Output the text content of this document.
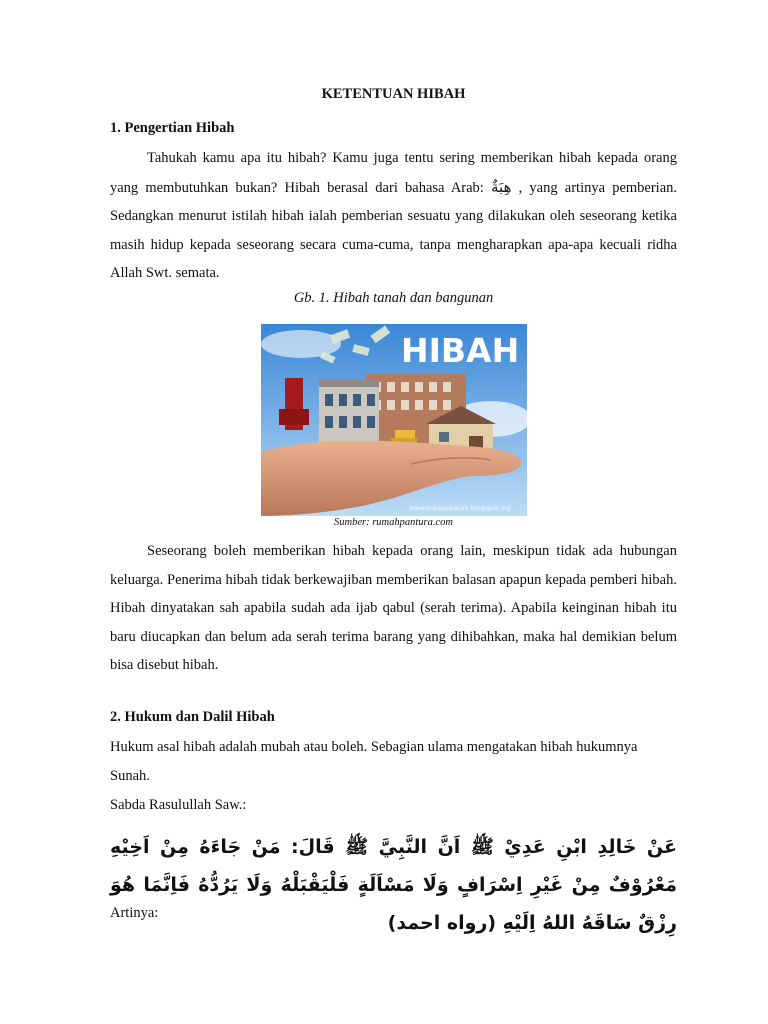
KETENTUAN HIBAH
1. Pengertian Hibah

Tahukah kamu apa itu hibah? Kamu juga tentu sering memberikan hibah kepada orang yang membutuhkan bukan? Hibah berasal dari bahasa Arab: هِبَةٌ , yang artinya pemberian. Sedangkan menurut istilah hibah ialah pemberian sesuatu yang dilakukan oleh seseorang ketika masih hidup kepada seseorang secara cuma-cuma, tanpa mengharapkan apa-apa kecuali ridha Allah Swt. semata.

Gb. 1. Hibah tanah dan bangunan
HIBAH
www.sukapepatah.blogspot.my
Sumber: rumahpantura.com

Seseorang boleh memberikan hibah kepada orang lain, meskipun tidak ada hubungan keluarga. Penerima hibah tidak berkewajiban memberikan balasan apapun kepada pemberi hibah. Hibah dinyatakan sah apabila sudah ada ijab qabul (serah terima). Apabila keinginan hibah itu baru diucapkan dan belum ada serah terima barang yang dihibahkan, maka hal demikian belum bisa disebut hibah.

2. Hukum dan Dalil Hibah
Hukum asal hibah adalah mubah atau boleh. Sebagian ulama mengatakan hibah hukumnya Sunah.
Sabda Rasulullah Saw.:
عَنْ خَالِدِ ابْنِ عَدِيْ ﷺ اَنَّ النَّبِيَّ ﷺ قَالَ: مَنْ جَاءَهُ مِنْ اَخِيْهِ مَعْرُوْفٌ مِنْ غَيْرِ اِسْرَافٍ وَلَا مَسْاَلَةٍ فَلْيَقْبَلْهُ وَلَا يَرُدُّهُ فَاِنَّمَا هُوَ رِزْقٌ سَاقَهُ اللهُ اِلَيْهِ (رواه احمد)
Artinya:
